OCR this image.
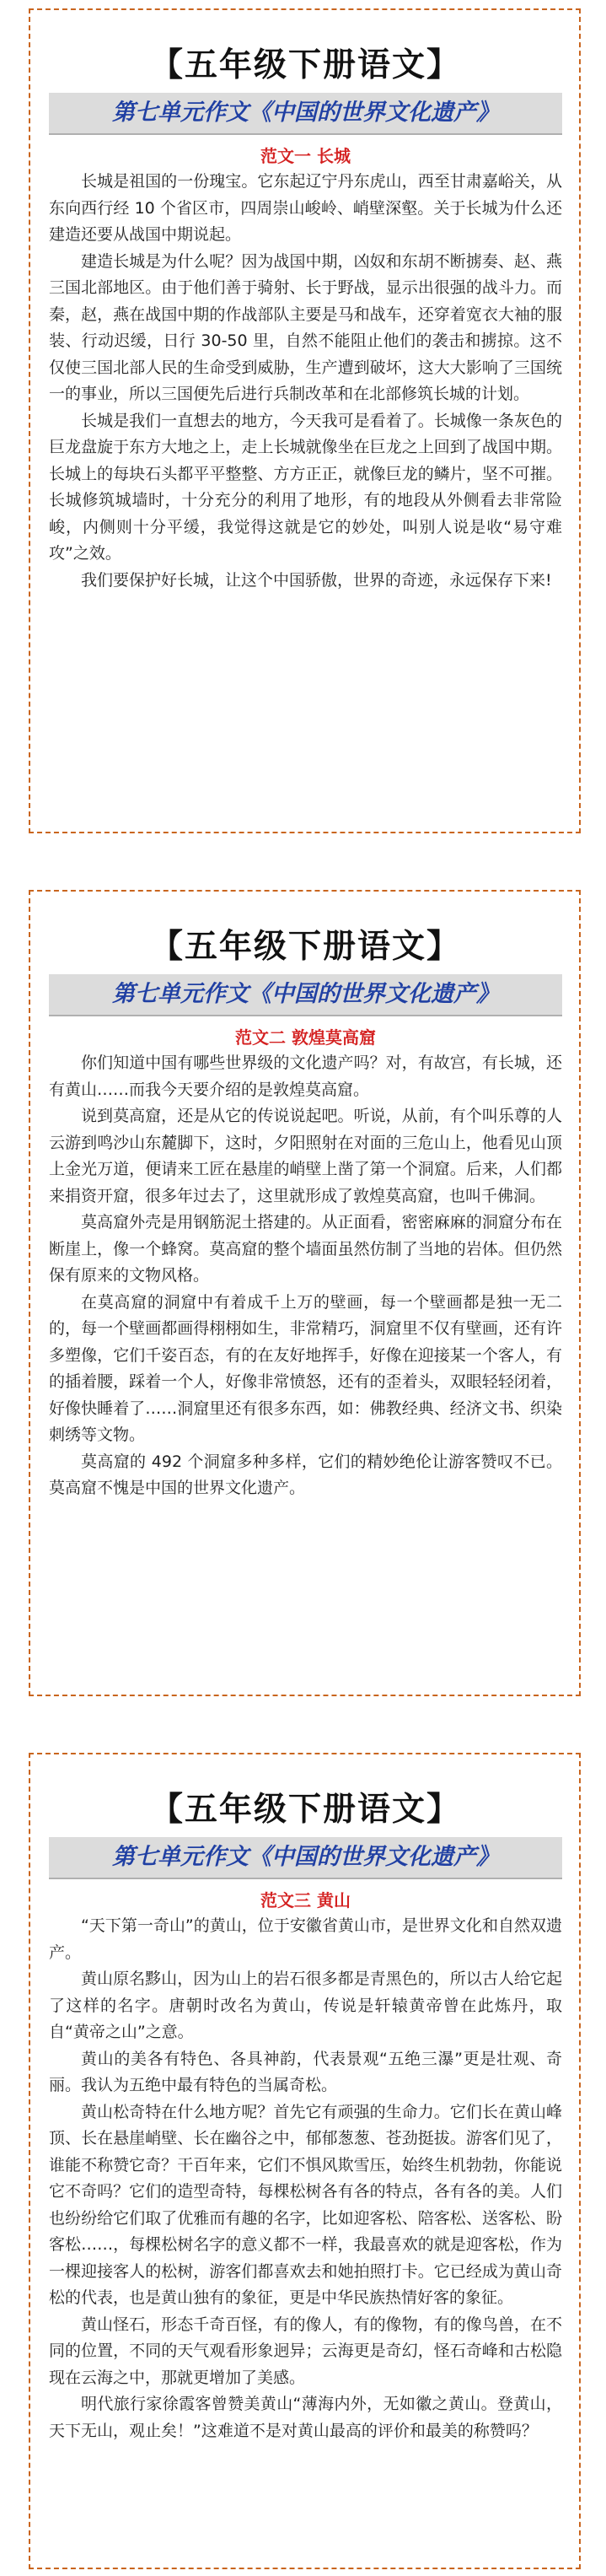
【五年级下册语文】
第七单元作文《中国的世界文化遗产》
范文一 长城

长城是祖国的一份瑰宝。它东起辽宁丹东虎山，西至甘肃嘉峪关，从东向西行经 10 个省区市，四周崇山峻岭、峭壁深壑。关于长城为什么还建造还要从战国中期说起。

建造长城是为什么呢？因为战国中期，凶奴和东胡不断掳奏、赵、燕三国北部地区。由于他们善于骑射、长于野战，显示出很强的战斗力。而秦，赵，燕在战国中期的作战部队主要是马和战车，还穿着宽衣大袖的服装、行动迟缓，日行 30-50 里，自然不能阻止他们的袭击和掳掠。这不仅使三国北部人民的生命受到威胁，生产遭到破坏，这大大影响了三国统一的事业，所以三国便先后进行兵制改革和在北部修筑长城的计划。

长城是我们一直想去的地方，今天我可是看着了。长城像一条灰色的巨龙盘旋于东方大地之上，走上长城就像坐在巨龙之上回到了战国中期。长城上的每块石头都平平整整、方方正正，就像巨龙的鳞片，坚不可摧。长城修筑城墙时，十分充分的利用了地形，有的地段从外侧看去非常险峻，内侧则十分平缓，我觉得这就是它的妙处，叫别人说是收“易守难攻”之效。

我们要保护好长城，让这个中国骄傲，世界的奇迹，永远保存下来!

【五年级下册语文】
第七单元作文《中国的世界文化遗产》
范文二 敦煌莫高窟

你们知道中国有哪些世界级的文化遗产吗？对，有故宫，有长城，还有黄山……而我今天要介绍的是敦煌莫高窟。

说到莫高窟，还是从它的传说说起吧。听说，从前，有个叫乐尊的人云游到鸣沙山东麓脚下，这时，夕阳照射在对面的三危山上，他看见山顶上金光万道，便请来工匠在悬崖的峭壁上凿了第一个洞窟。后来，人们都来捐资开窟，很多年过去了，这里就形成了敦煌莫高窟，也叫千佛洞。

莫高窟外壳是用钢筋泥土搭建的。从正面看，密密麻麻的洞窟分布在断崖上，像一个蜂窝。莫高窟的整个墙面虽然仿制了当地的岩体。但仍然保有原来的文物风格。

在莫高窟的洞窟中有着成千上万的壁画，每一个壁画都是独一无二的，每一个壁画都画得栩栩如生，非常精巧，洞窟里不仅有壁画，还有许多塑像，它们千姿百态，有的在友好地挥手，好像在迎接某一个客人，有的插着腰，踩着一个人，好像非常愤怒，还有的歪着头，双眼轻轻闭着，好像快睡着了……洞窟里还有很多东西，如：佛教经典、经济文书、织染刺绣等文物。

莫高窟的 492 个洞窟多种多样，它们的精妙绝伦让游客赞叹不已。莫高窟不愧是中国的世界文化遗产。

【五年级下册语文】
第七单元作文《中国的世界文化遗产》
范文三 黄山

“天下第一奇山”的黄山，位于安徽省黄山市，是世界文化和自然双遗产。

黄山原名黟山，因为山上的岩石很多都是青黑色的，所以古人给它起了这样的名字。唐朝时改名为黄山，传说是轩辕黄帝曾在此炼丹，取自“黄帝之山”之意。

黄山的美各有特色、各具神韵，代表景观“五绝三瀑”更是壮观、奇丽。我认为五绝中最有特色的当属奇松。

黄山松奇特在什么地方呢？首先它有顽强的生命力。它们长在黄山峰顶、长在悬崖峭壁、长在幽谷之中，郁郁葱葱、苍劲挺拔。游客们见了，谁能不称赞它奇？干百年来，它们不惧风欺雪压，始终生机勃勃，你能说它不奇吗？它们的造型奇特，每棵松树各有各的特点，各有各的美。人们也纷纷给它们取了优雅而有趣的名字，比如迎客松、陪客松、送客松、盼客松……，每棵松树名字的意义都不一样，我最喜欢的就是迎客松，作为一棵迎接客人的松树，游客们都喜欢去和她拍照打卡。它已经成为黄山奇松的代表，也是黄山独有的象征，更是中华民族热情好客的象征。

黄山怪石，形态千奇百怪，有的像人，有的像物，有的像鸟兽，在不同的位置，不同的天气观看形象迥异；云海更是奇幻，怪石奇峰和古松隐现在云海之中，那就更增加了美感。

明代旅行家徐霞客曾赞美黄山“薄海内外，无如徽之黄山。登黄山，天下无山，观止矣！”这难道不是对黄山最高的评价和最美的称赞吗？
